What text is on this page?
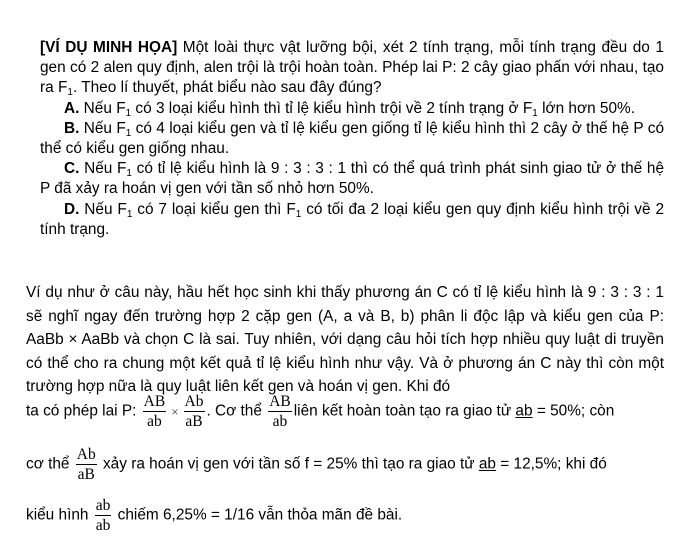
[VÍ DỤ MINH HỌA] Một loài thực vật lưỡng bội, xét 2 tính trạng, mỗi tính trạng đều do 1 gen có 2 alen quy định, alen trội là trội hoàn toàn. Phép lai P: 2 cây giao phấn với nhau, tạo ra $F_1$. Theo lí thuyết, phát biểu nào sau đây đúng?

A. Nếu $F_1$ có 3 loại kiểu hình thì tỉ lệ kiểu hình trội về 2 tính trạng ở $F_1$ lớn hơn 50%.

B. Nếu $F_1$ có 4 loại kiểu gen và tỉ lệ kiểu gen giống tỉ lệ kiểu hình thì 2 cây ở thế hệ P có thể có kiểu gen giống nhau.

C. Nếu $F_1$ có tỉ lệ kiểu hình là 9 : 3 : 3 : 1 thì có thể quá trình phát sinh giao tử ở thế hệ P đã xảy ra hoán vị gen với tần số nhỏ hơn 50%.

D. Nếu $F_1$ có 7 loại kiểu gen thì $F_1$ có tối đa 2 loại kiểu gen quy định kiểu hình trội về 2 tính trạng.

Ví dụ như ở câu này, hầu hết học sinh khi thấy phương án C có tỉ lệ kiểu hình là 9 : 3 : 3 : 1 sẽ nghĩ ngay đến trường hợp 2 cặp gen (A, a và B, b) phân li độc lập và kiểu gen của P: AaBb × AaBb và chọn C là sai. Tuy nhiên, với dạng câu hỏi tích hợp nhiều quy luật di truyền có thể cho ra chung một kết quả tỉ lệ kiểu hình như vậy. Và ở phương án C này thì còn một trường hợp nữa là quy luật liên kết gen và hoán vị gen. Khi đó

ta có phép lai P: $\frac{AB}{ab} \times \frac{Ab}{aB}$ . Cơ thể $\frac{AB}{ab}$ liên kết hoàn toàn tạo ra giao tử ab = 50%; còn
cơ thể $\frac{Ab}{aB}$ xảy ra hoán vị gen với tần số f = 25% thì tạo ra giao tử ab = 12,5%; khi đó
kiểu hình $\frac{ab}{ab}$ chiếm 6,25% = 1/16 vẫn thỏa mãn đề bài.
